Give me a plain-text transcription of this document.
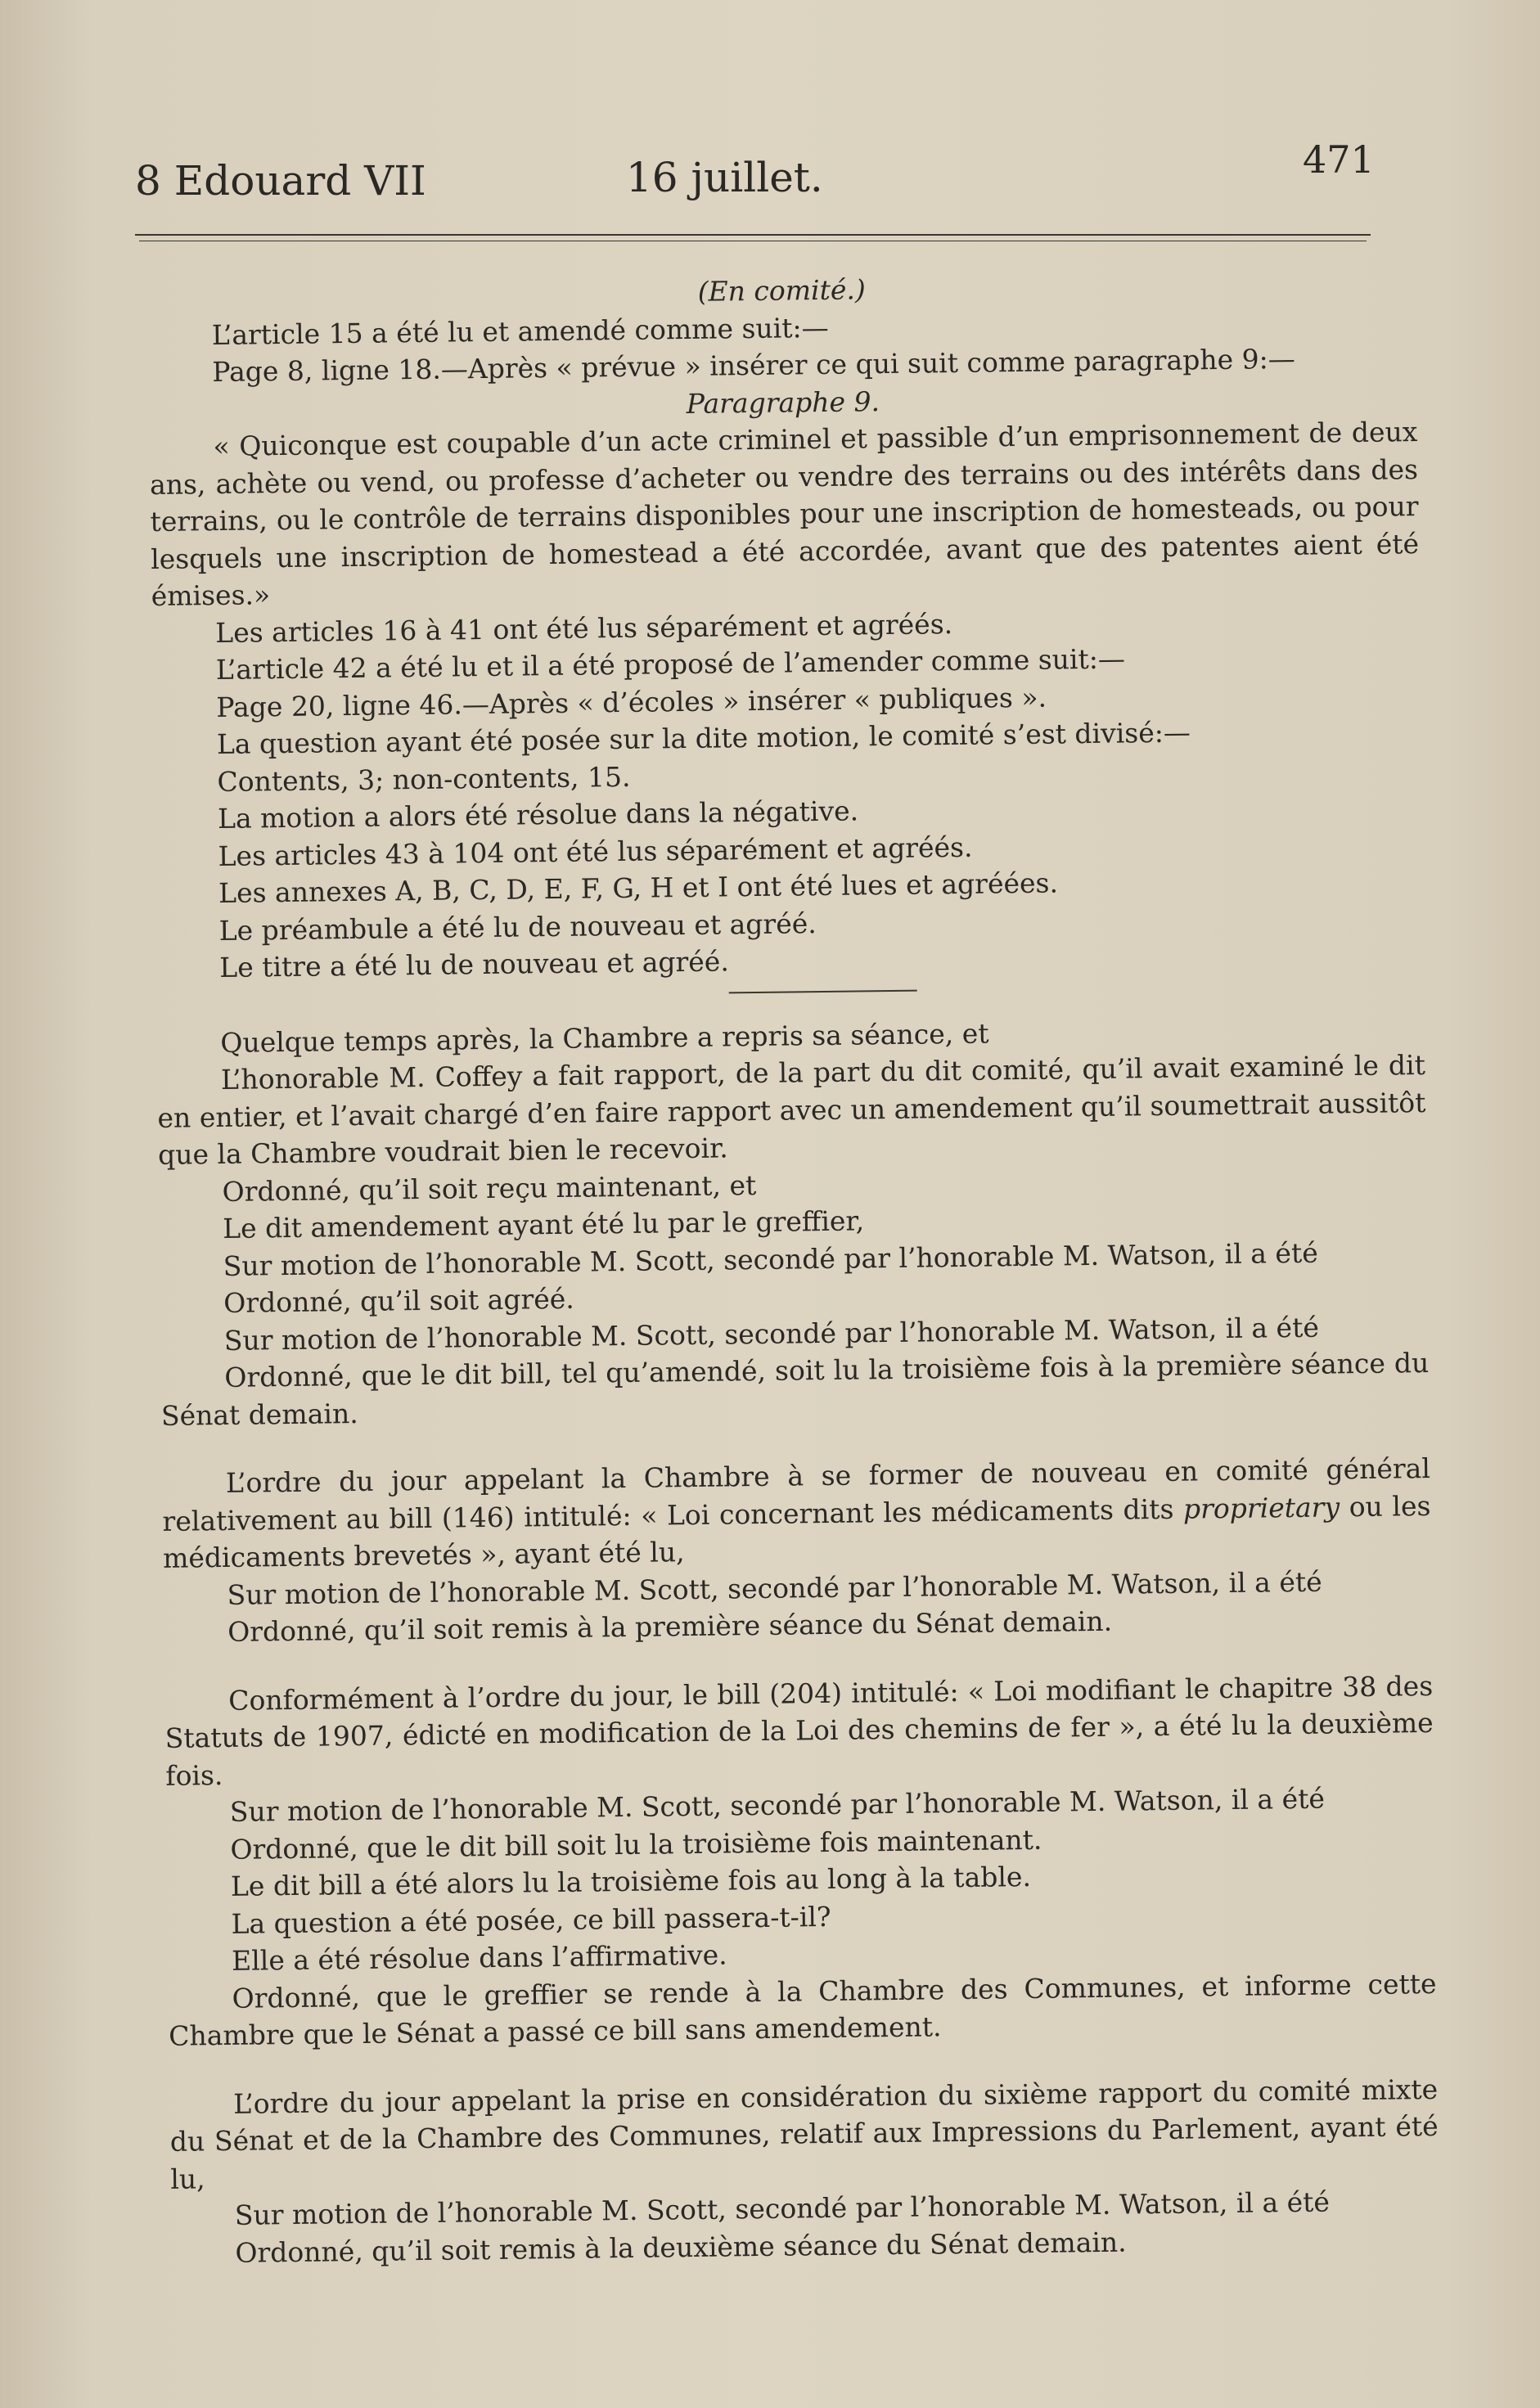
8 Edouard VII	16 juillet.	471

(En comité.)

L’article 15 a été lu et amendé comme suit:—

Page 8, ligne 18.—Après « prévue » insérer ce qui suit comme paragraphe 9:—

Paragraphe 9.

« Quiconque est coupable d’un acte criminel et passible d’un emprisonnement de deux ans, achète ou vend, ou professe d’acheter ou vendre des terrains ou des intérêts dans des terrains, ou le contrôle de terrains disponibles pour une inscription de homesteads, ou pour lesquels une inscription de homestead a été accordée, avant que des patentes aient été émises.»

Les articles 16 à 41 ont été lus séparément et agréés.

L’article 42 a été lu et il a été proposé de l’amender comme suit:—

Page 20, ligne 46.—Après « d’écoles » insérer « publiques ».

La question ayant été posée sur la dite motion, le comité s’est divisé:—

Contents, 3; non-contents, 15.

La motion a alors été résolue dans la négative.

Les articles 43 à 104 ont été lus séparément et agréés.

Les annexes A, B, C, D, E, F, G, H et I ont été lues et agréées.

Le préambule a été lu de nouveau et agréé.

Le titre a été lu de nouveau et agréé.

Quelque temps après, la Chambre a repris sa séance, et

L’honorable M. Coffey a fait rapport, de la part du dit comité, qu’il avait examiné le dit en entier, et l’avait chargé d’en faire rapport avec un amendement qu’il soumettrait aussitôt que la Chambre voudrait bien le recevoir.

Ordonné, qu’il soit reçu maintenant, et

Le dit amendement ayant été lu par le greffier,

Sur motion de l’honorable M. Scott, secondé par l’honorable M. Watson, il a été

Ordonné, qu’il soit agréé.

Sur motion de l’honorable M. Scott, secondé par l’honorable M. Watson, il a été

Ordonné, que le dit bill, tel qu’amendé, soit lu la troisième fois à la première séance du Sénat demain.

L’ordre du jour appelant la Chambre à se former de nouveau en comité général relativement au bill (146) intitulé: « Loi concernant les médicaments dits proprietary ou les médicaments brevetés », ayant été lu,

Sur motion de l’honorable M. Scott, secondé par l’honorable M. Watson, il a été

Ordonné, qu’il soit remis à la première séance du Sénat demain.

Conformément à l’ordre du jour, le bill (204) intitulé: « Loi modifiant le chapitre 38 des Statuts de 1907, édicté en modification de la Loi des chemins de fer », a été lu la deuxième fois.

Sur motion de l’honorable M. Scott, secondé par l’honorable M. Watson, il a été

Ordonné, que le dit bill soit lu la troisième fois maintenant.

Le dit bill a été alors lu la troisième fois au long à la table.

La question a été posée, ce bill passera-t-il?

Elle a été résolue dans l’affirmative.

Ordonné, que le greffier se rende à la Chambre des Communes, et informe cette Chambre que le Sénat a passé ce bill sans amendement.

L’ordre du jour appelant la prise en considération du sixième rapport du comité mixte du Sénat et de la Chambre des Communes, relatif aux Impressions du Parlement, ayant été lu,

Sur motion de l’honorable M. Scott, secondé par l’honorable M. Watson, il a été

Ordonné, qu’il soit remis à la deuxième séance du Sénat demain.
